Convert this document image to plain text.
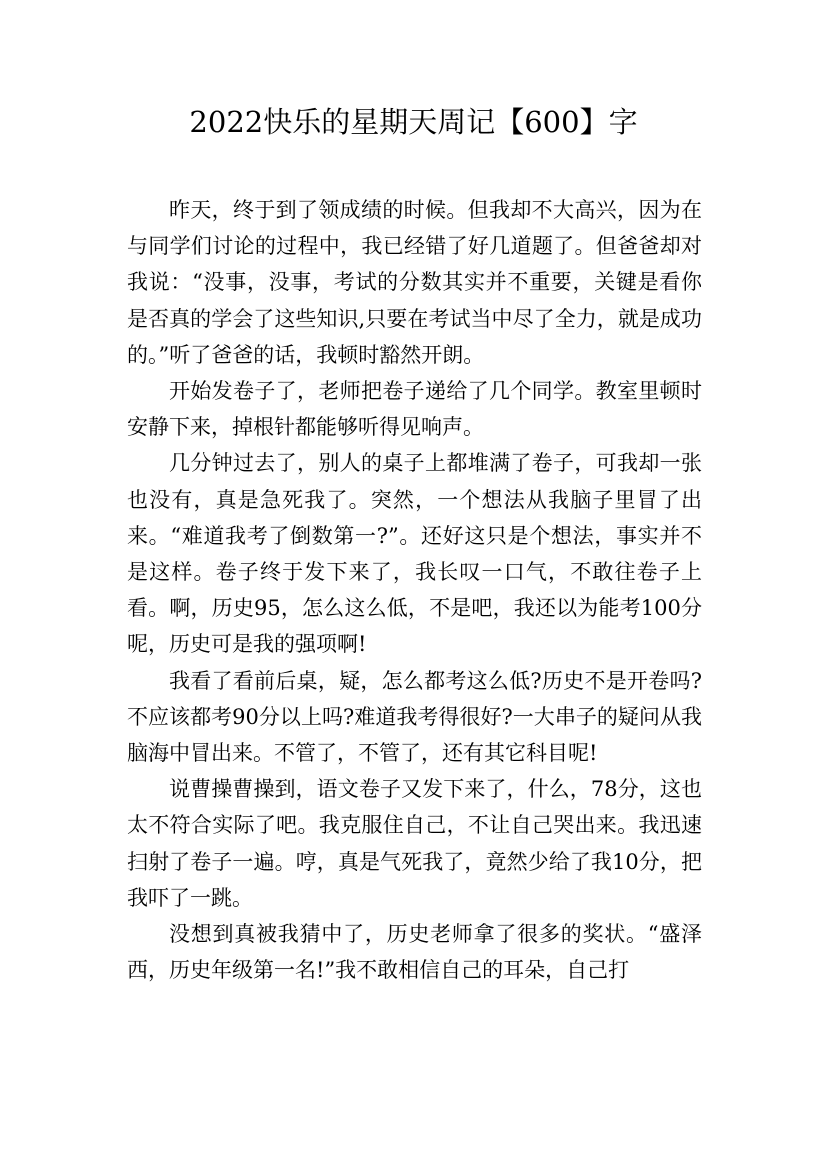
2022快乐的星期天周记【600】字

昨天，终于到了领成绩的时候。但我却不大高兴，因为在与同学们讨论的过程中，我已经错了好几道题了。但爸爸却对我说：“没事，没事，考试的分数其实并不重要，关键是看你是否真的学会了这些知识,只要在考试当中尽了全力，就是成功的。”听了爸爸的话，我顿时豁然开朗。

开始发卷子了，老师把卷子递给了几个同学。教室里顿时安静下来，掉根针都能够听得见响声。

几分钟过去了，别人的桌子上都堆满了卷子，可我却一张也没有，真是急死我了。突然，一个想法从我脑子里冒了出来。“难道我考了倒数第一?”。还好这只是个想法，事实并不是这样。卷子终于发下来了，我长叹一口气，不敢往卷子上看。啊，历史95，怎么这么低，不是吧，我还以为能考100分呢，历史可是我的强项啊!

我看了看前后桌，疑，怎么都考这么低?历史不是开卷吗?不应该都考90分以上吗?难道我考得很好?一大串子的疑问从我脑海中冒出来。不管了，不管了，还有其它科目呢!

说曹操曹操到，语文卷子又发下来了，什么，78分，这也太不符合实际了吧。我克服住自己，不让自己哭出来。我迅速扫射了卷子一遍。哼，真是气死我了，竟然少给了我10分，把我吓了一跳。

没想到真被我猜中了，历史老师拿了很多的奖状。“盛泽西，历史年级第一名!”我不敢相信自己的耳朵，自己打
